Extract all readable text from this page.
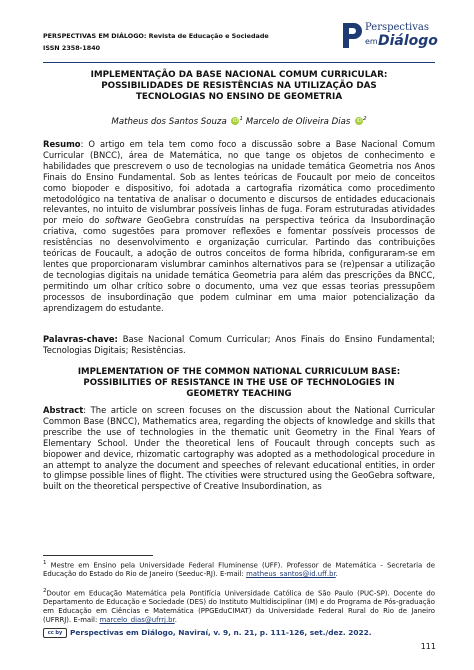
PERSPECTIVAS EM DIÁLOGO: Revista de Educação e Sociedade
ISSN 2358-1840
Perspectivas
em Diálogo
IMPLEMENTAÇÃO DA BASE NACIONAL COMUM CURRICULAR:
POSSIBILIDADES DE RESISTÊNCIAS NA UTILIZAÇÃO DAS
TECNOLOGIAS NO ENSINO DE GEOMETRIA
Matheus dos Santos Souza $iD^1$ Marcelo de Oliveira Dias $iD^2$
Resumo: O artigo em tela tem como foco a discussão sobre a Base Nacional Comum Curricular (BNCC), área de Matemática, no que tange os objetos de conhecimento e habilidades que prescrevem o uso de tecnologias na unidade temática Geometria nos Anos Finais do Ensino Fundamental. Sob as lentes teóricas de Foucault por meio de conceitos como biopoder e dispositivo, foi adotada a cartografia rizomática como procedimento metodológico na tentativa de analisar o documento e discursos de entidades educacionais relevantes, no intuito de vislumbrar possíveis linhas de fuga. Foram estruturadas atividades por meio do software GeoGebra construídas na perspectiva teórica da Insubordinação criativa, como sugestões para promover reflexões e fomentar possíveis processos de resistências no desenvolvimento e organização curricular. Partindo das contribuições teóricas de Foucault, a adoção de outros conceitos de forma híbrida, configuraram-se em lentes que proporcionaram vislumbrar caminhos alternativos para se (re)pensar a utilização de tecnologias digitais na unidade temática Geometria para além das prescrições da BNCC, permitindo um olhar crítico sobre o documento, uma vez que essas teorias pressupõem processos de insubordinação que podem culminar em uma maior potencialização da aprendizagem do estudante.
Palavras-chave: Base Nacional Comum Curricular; Anos Finais do Ensino Fundamental; Tecnologias Digitais; Resistências.
IMPLEMENTATION OF THE COMMON NATIONAL CURRICULUM BASE:
POSSIBILITIES OF RESISTANCE IN THE USE OF TECHNOLOGIES IN
GEOMETRY TEACHING
Abstract: The article on screen focuses on the discussion about the National Curricular Common Base (BNCC), Mathematics area, regarding the objects of knowledge and skills that prescribe the use of technologies in the thematic unit Geometry in the Final Years of Elementary School. Under the theoretical lens of Foucault through concepts such as biopower and device, rhizomatic cartography was adopted as a methodological procedure in an attempt to analyze the document and speeches of relevant educational entities, in order to glimpse possible lines of flight. The ctivities were structured using the GeoGebra software, built on the theoretical perspective of Creative Insubordination, as
$^1$ Mestre em Ensino pela Universidade Federal Fluminense (UFF). Professor de Matemática - Secretaria de Educação do Estado do Rio de Janeiro (Seeduc-RJ). E-mail: matheus_santos@id.uff.br.
$^2$Doutor em Educação Matemática pela Pontifícia Universidade Católica de São Paulo (PUC-SP). Docente do Departamento de Educação e Sociedade (DES) do Instituto Multidisciplinar (IM) e do Programa de Pós-graduação em Educação em Ciências e Matemática (PPGEduCIMAT) da Universidade Federal Rural do Rio de Janeiro (UFRRJ). E-mail: marcelo_dias@ufrrj.br.
cc by Perspectivas em Diálogo, Naviraí, v. 9, n. 21, p. 111-126, set./dez. 2022.
111
